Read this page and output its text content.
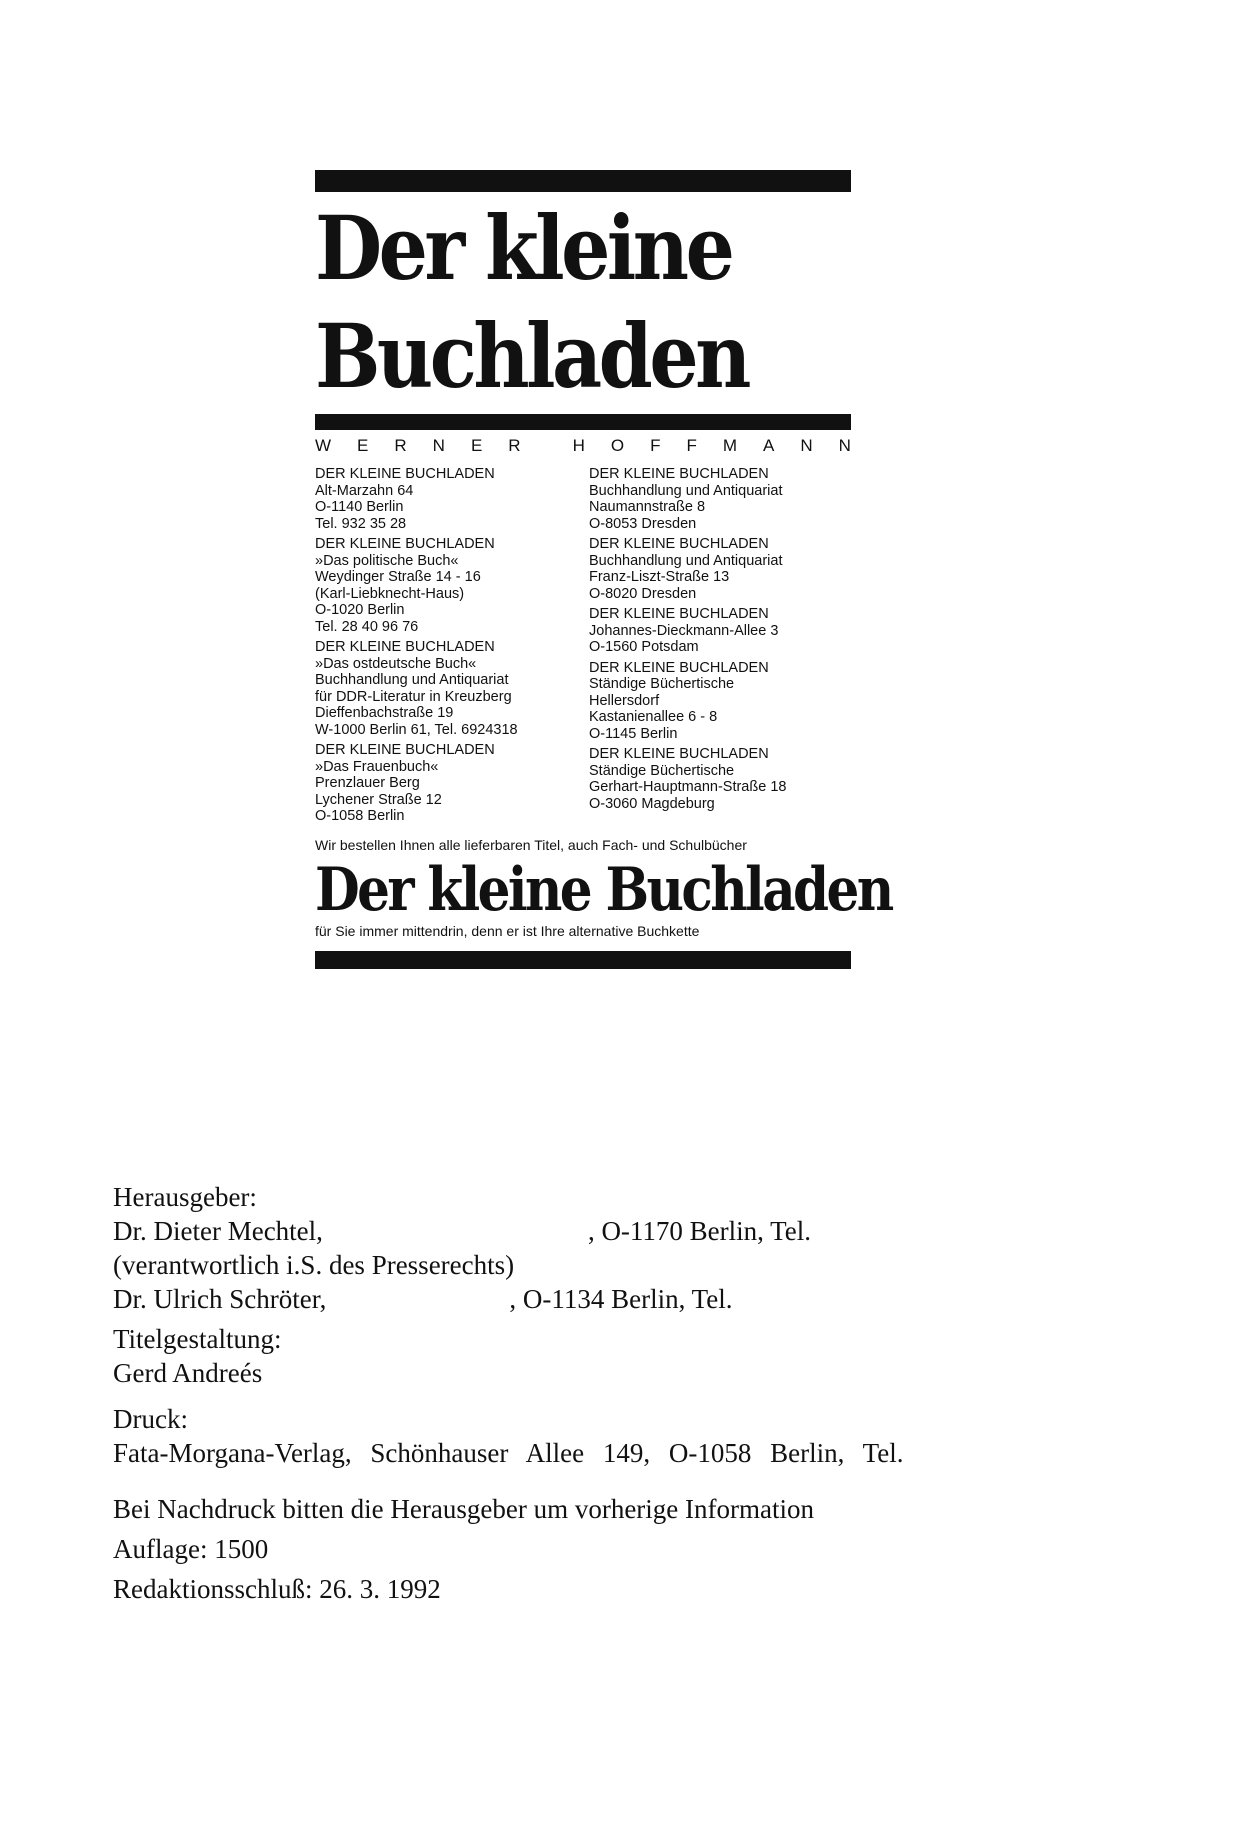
Der kleine
Buchladen
W E R N E R	H O F F M A N N
DER KLEINE BUCHLADEN
Alt-Marzahn 64
O-1140 Berlin
Tel. 932 35 28
DER KLEINE BUCHLADEN
»Das politische Buch«
Weydinger Straße 14 - 16
(Karl-Liebknecht-Haus)
O-1020 Berlin
Tel. 28 40 96 76
DER KLEINE BUCHLADEN
»Das ostdeutsche Buch«
Buchhandlung und Antiquariat
für DDR-Literatur in Kreuzberg
Dieffenbachstraße 19
W-1000 Berlin 61, Tel. 6924318
DER KLEINE BUCHLADEN
»Das Frauenbuch«
Prenzlauer Berg
Lychener Straße 12
O-1058 Berlin
DER KLEINE BUCHLADEN
Buchhandlung und Antiquariat
Naumannstraße 8
O-8053 Dresden
DER KLEINE BUCHLADEN
Buchhandlung und Antiquariat
Franz-Liszt-Straße 13
O-8020 Dresden
DER KLEINE BUCHLADEN
Johannes-Dieckmann-Allee 3
O-1560 Potsdam
DER KLEINE BUCHLADEN
Ständige Büchertische
Hellersdorf
Kastanienallee 6 - 8
O-1145 Berlin
DER KLEINE BUCHLADEN
Ständige Büchertische
Gerhart-Hauptmann-Straße 18
O-3060 Magdeburg
Wir bestellen Ihnen alle lieferbaren Titel, auch Fach- und Schulbücher
Der kleine Buchladen
für Sie immer mittendrin, denn er ist Ihre alternative Buchkette
Herausgeber:
Dr. Dieter Mechtel,	, O-1170 Berlin, Tel.
(verantwortlich i.S. des Presserechts)
Dr. Ulrich Schröter,	, O-1134 Berlin, Tel.
Titelgestaltung:
Gerd Andreés
Druck:
Fata-Morgana-Verlag, Schönhauser Allee 149, O-1058 Berlin, Tel.
Bei Nachdruck bitten die Herausgeber um vorherige Information
Auflage: 1500
Redaktionsschluß: 26. 3. 1992
